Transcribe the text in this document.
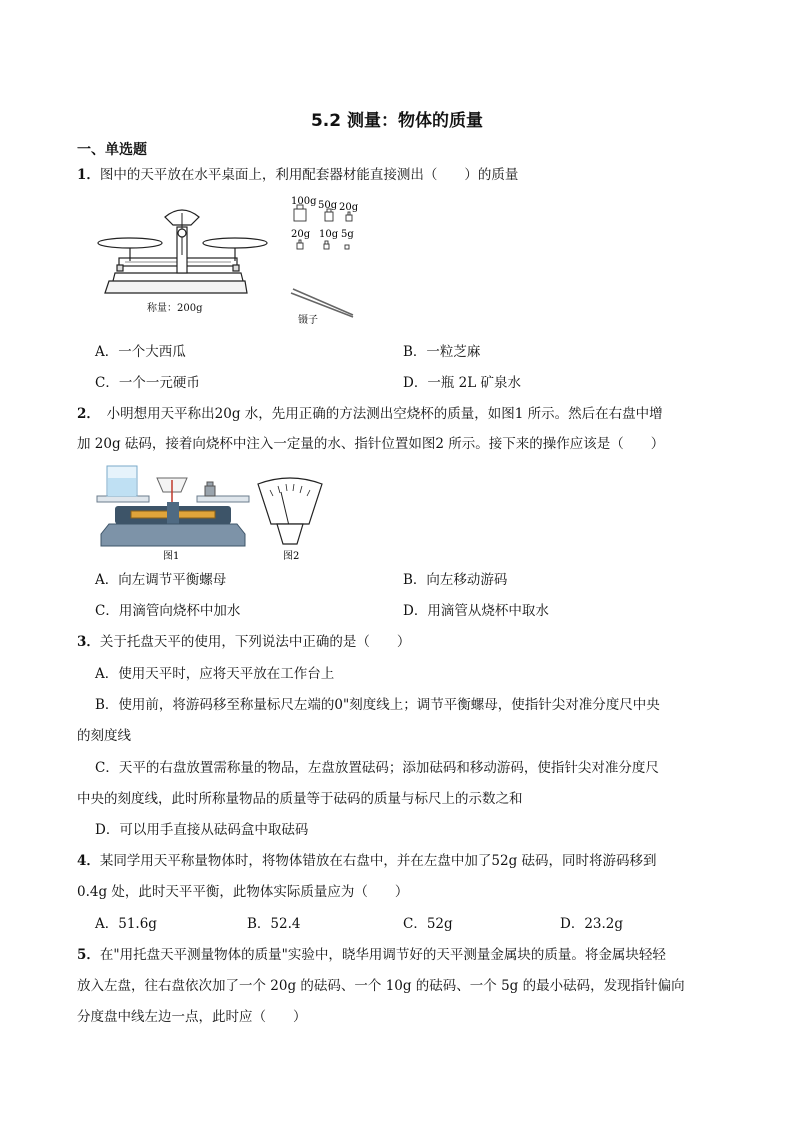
5.2 测量：物体的质量
一、单选题
1．图中的天平放在水平桌面上，利用配套器材能直接测出（　　）的质量
称量：200g
100g 50g 20g
20g 10g 5g
镊子
A．一个大西瓜	B．一粒芝麻
C．一个一元硬币	D．一瓶 2L 矿泉水
2．　小明想用天平称出20g 水，先用正确的方法测出空烧杯的质量，如图1 所示。然后在右盘中增
加 20g 砝码，接着向烧杯中注入一定量的水、指针位置如图2 所示。接下来的操作应该是（　　）
图1	图2
A．向左调节平衡螺母	B．向左移动游码
C．用滴管向烧杯中加水	D．用滴管从烧杯中取水
3．关于托盘天平的使用，下列说法中正确的是（　　）
A．使用天平时，应将天平放在工作台上
B．使用前，将游码移至称量标尺左端的0"刻度线上；调节平衡螺母，使指针尖对准分度尺中央
的刻度线
C．天平的右盘放置需称量的物品，左盘放置砝码；添加砝码和移动游码，使指针尖对准分度尺
中央的刻度线，此时所称量物品的质量等于砝码的质量与标尺上的示数之和
D．可以用手直接从砝码盒中取砝码
4．某同学用天平称量物体时，将物体错放在右盘中，并在左盘中加了52g 砝码，同时将游码移到
0.4g 处，此时天平平衡，此物体实际质量应为（　　）
A．51.6g	B．52.4	C．52g	D．23.2g
5．在"用托盘天平测量物体的质量"实验中，晓华用调节好的天平测量金属块的质量。将金属块轻轻
放入左盘，往右盘依次加了一个 20g 的砝码、一个 10g 的砝码、一个 5g 的最小砝码，发现指针偏向
分度盘中线左边一点，此时应（　　）
